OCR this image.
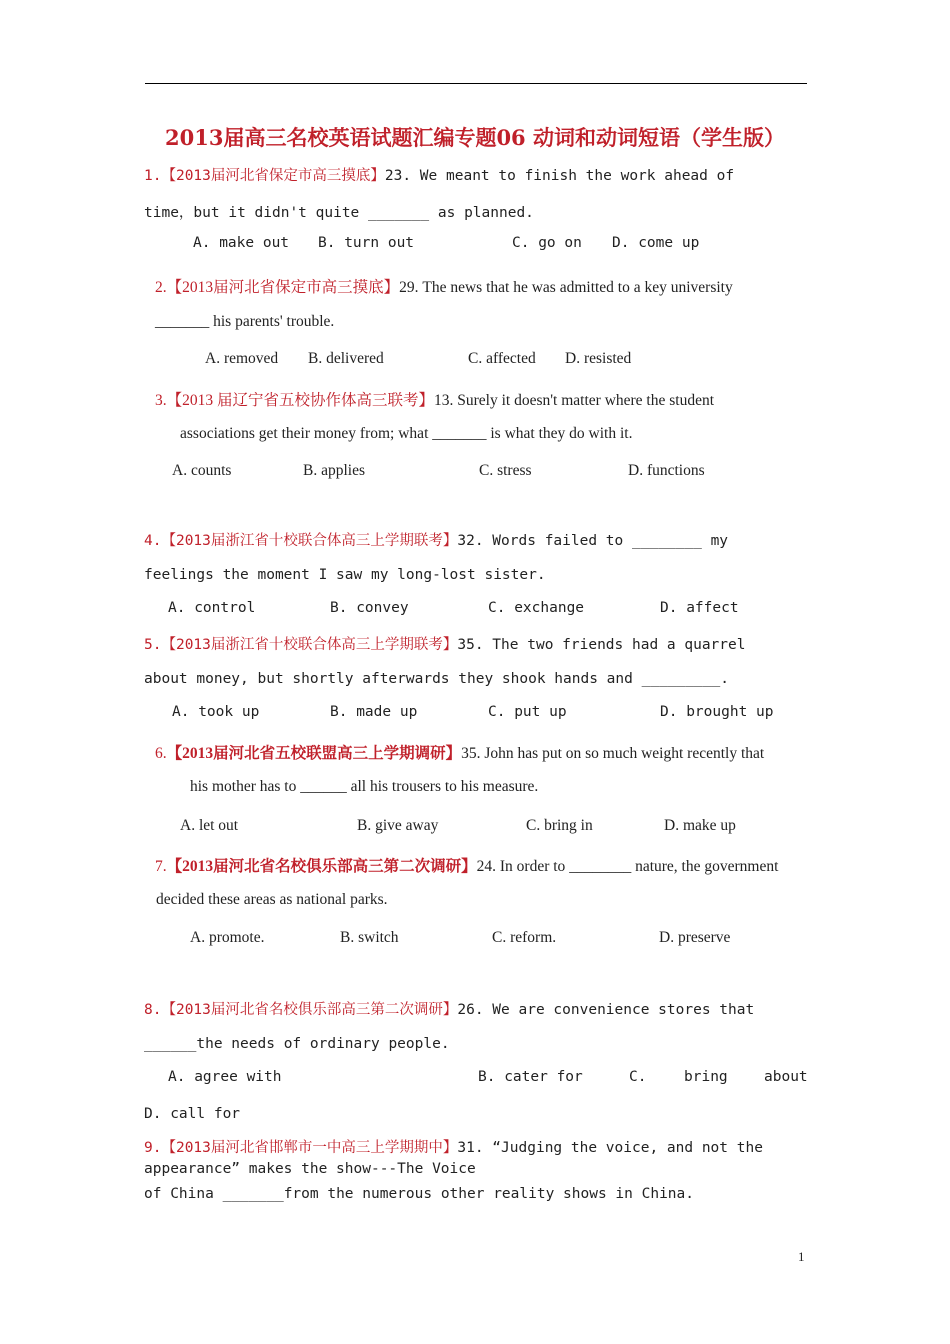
2013届高三名校英语试题汇编专题06 动词和动词短语（学生版）
1.【2013届河北省保定市高三摸底】23. We meant to finish the work ahead of
time，but it didn't quite _______ as planned.
A. make out B. turn out	C. go on D. come up
2.【2013届河北省保定市高三摸底】29. The news that he was admitted to a key university
_______ his parents' trouble.
A. removed B. delivered	C. affected D. resisted
3.【2013 届辽宁省五校协作体高三联考】13. Surely it doesn't matter where the student
associations get their money from; what _______ is what they do with it.
A. counts	B. applies	C. stress	D. functions
4.【2013届浙江省十校联合体高三上学期联考】32. Words failed to ________ my
feelings the moment I saw my long-lost sister.
A. control	B. convey	C. exchange	D. affect
5.【2013届浙江省十校联合体高三上学期联考】35. The two friends had a quarrel
about money, but shortly afterwards they shook hands and _________.
A. took up	B. made up	C. put up	D. brought up
6.【2013届河北省五校联盟高三上学期调研】35. John has put on so much weight recently that
his mother has to ______ all his trousers to his measure.
A. let out	B. give away	C. bring in	D. make up
7.【2013届河北省名校俱乐部高三第二次调研】24. In order to ________ nature, the government
decided these areas as national parks.
A. promote.	B. switch	C. reform.	D. preserve
8.【2013届河北省名校俱乐部高三第二次调研】26. We are convenience stores that
______the needs of ordinary people.
A. agree with	B. cater for	C.	bring	about
D. call for
9.【2013届河北省邯郸市一中高三上学期期中】31. “Judging the voice, and not the
appearance” makes the show---The Voice
of China _______from the numerous other reality shows in China.
1
